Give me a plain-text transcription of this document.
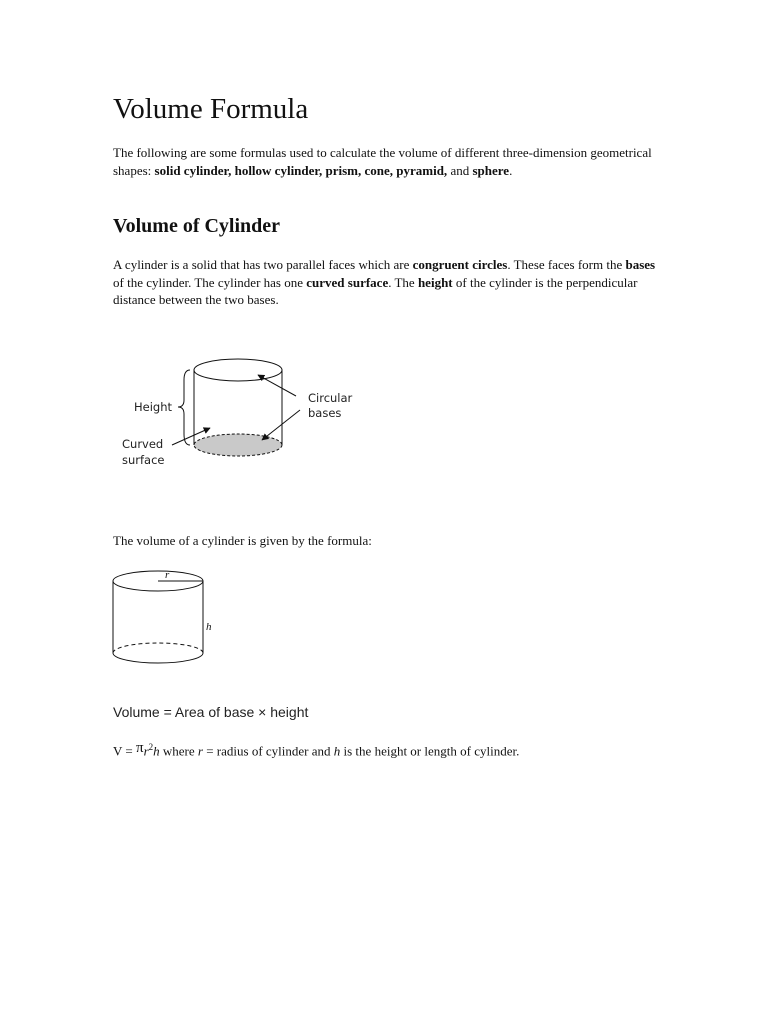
Volume Formula

The following are some formulas used to calculate the volume of different three-dimension geometrical shapes: solid cylinder, hollow cylinder, prism, cone, pyramid, and sphere.

Volume of Cylinder

A cylinder is a solid that has two parallel faces which are congruent circles. These faces form the bases of the cylinder. The cylinder has one curved surface. The height of the cylinder is the perpendicular distance between the two bases.

Height
Circular
bases
Curved
surface

The volume of a cylinder is given by the formula:

r
h

Volume = Area of base × height

$V = \pi r^2h$ where r = radius of cylinder and h is the height or length of cylinder.
